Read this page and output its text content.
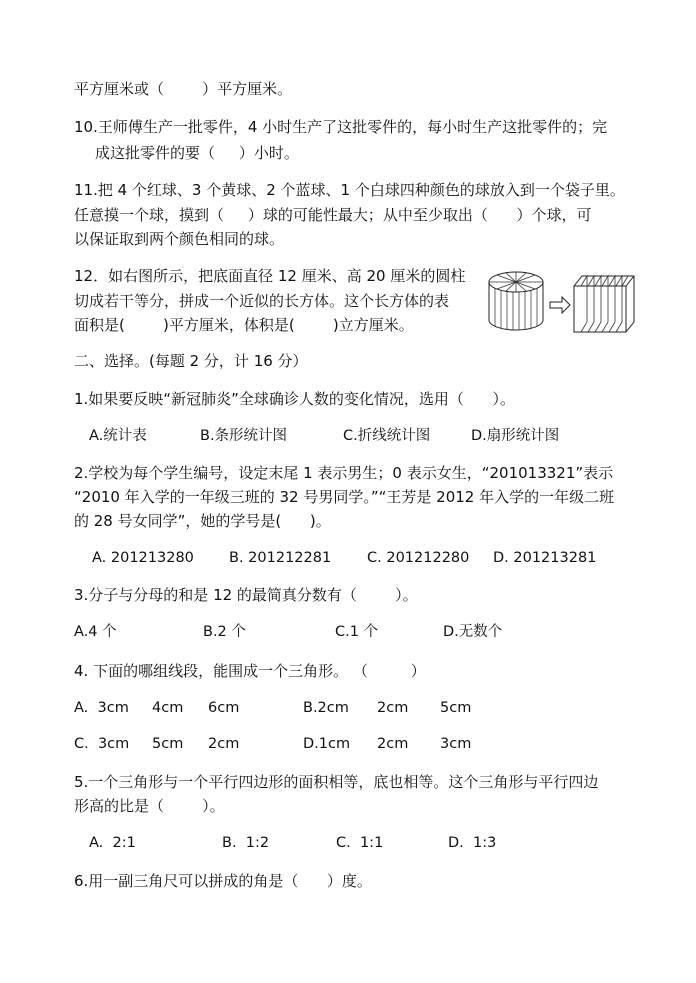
平方厘米或（        ）平方厘米。
10.王师傅生产一批零件，4 小时生产了这批零件的，每小时生产这批零件的；完
成这批零件的要（     ）小时。
11.把 4 个红球、3 个黄球、2 个蓝球、1 个白球四种颜色的球放入到一个袋子里。
任意摸一个球，摸到（     ）球的可能性最大；从中至少取出（      ）个球，可
以保证取到两个颜色相同的球。
12．如右图所示，把底面直径 12 厘米、高 20 厘米的圆柱
切成若干等分，拼成一个近似的长方体。这个长方体的表
面积是(        )平方厘米，体积是(        )立方厘米。
二、选择。(每题 2 分，计 16 分）
1.如果要反映“新冠肺炎”全球确诊人数的变化情况，选用（      ）。
A.统计表	B.条形统计图	C.折线统计图	D.扇形统计图
2.学校为每个学生编号，设定末尾 1 表示男生；0 表示女生，“201013321”表示
“2010 年入学的一年级三班的 32 号男同学。”“王芳是 2012 年入学的一年级二班
的 28 号女同学”，她的学号是(      )。
A. 201213280 B. 201212281 C. 201212280 D. 201213281
3.分子与分母的和是 12 的最简真分数有（        ）。
A.4 个	B.2 个	C.1 个	D.无数个
4. 下面的哪组线段，能围成一个三角形。 （         ）
A.  3cm 4cm 6cm	B.2cm 2cm 5cm
C.  3cm 5cm 2cm	D.1cm 2cm 3cm
5.一个三角形与一个平行四边形的面积相等，底也相等。这个三角形与平行四边
形高的比是（        ）。
A.  2:1	B.  1:2	C.  1:1	D.  1:3
6.用一副三角尺可以拼成的角是（      ）度。
